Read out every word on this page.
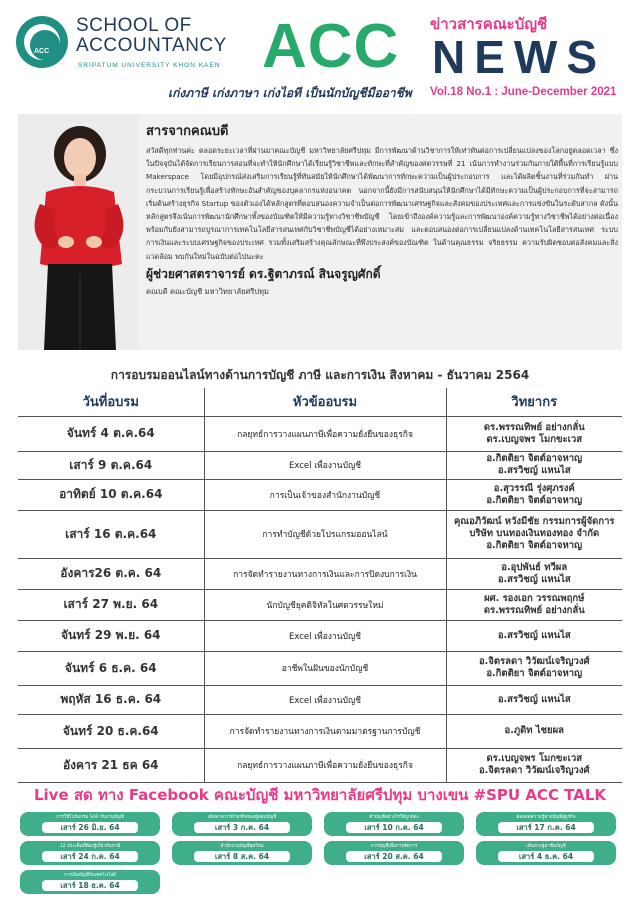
ACC
SCHOOL OF
ACCOUNTANCY
SRIPATUM UNIVERSITY KHON KAEN ACC ข่าวสารคณะบัญชี
NEWS
เก่งภาษี เก่งภาษา เก่งไอที เป็นนักบัญชีมืออาชีพ Vol.18 No.1 : June-December 2021
สารจากคณบดี
สวัสดีทุกท่านค่ะ ตลอดระยะเวลาที่ผ่านมาคณะบัญชี มหาวิทยาลัยศรีปทุม มีการพัฒนาด้านวิชาการให้เท่าทันต่อการเปลี่ยนแปลงของโลกอยู่ตลอดเวลา ซึ่งในปัจจุบันได้จัดการเรียนการสอนที่จะทำให้นักศึกษาได้เรียนรู้วิชาชีพและทักษะที่สำคัญของศตวรรษที่ 21 เน้นการทำงานร่วมกันภายใต้พื้นที่การเรียนรู้แบบ Makerspace โดยมีอุปกรณ์ส่งเสริมการเรียนรู้ที่ทันสมัยให้นักศึกษาได้พัฒนาการทักษะความเป็นผู้ประกอบการ และได้ผลิตชิ้นงานที่ร่วมกันทำ ผ่านกระบวนการเรียนรู้เพื่อสร้างทักษะอันสำคัญของบุคลากรแห่งอนาคต นอกจากนี้ยังมีการสนับสนุนให้นักศึกษาได้มีทักษะความเป็นผู้ประกอบการที่จะสามารถเริ่มต้นสร้างธุรกิจ Startup ของตัวเองได้หลักสูตรที่ตอบสนองความจำเป็นต่อการพัฒนาเศรษฐกิจและสังคมของประเทศและการแข่งขันในระดับสากล ดังนั้น หลักสูตรจึงเน้นการพัฒนานักศึกษาทั้งของบัณฑิตให้มีความรู้ทางวิชาชีพบัญชี โดยเข้าถึงองค์ความรู้และการพัฒนาองค์ความรู้ทางวิชาชีพได้อย่างต่อเนื่อง พร้อมกับยังสามารถบูรณาการเทคโนโลยีสารสนเทศกับวิชาชีพบัญชีได้อย่างเหมาะสม และตอบสนองต่อการเปลี่ยนแปลงด้านเทคโนโลยีสารสนเทศ ระบบการเงินและระบบเศรษฐกิจของประเทศ รวมทั้งเสริมสร้างคุณลักษณะที่พึงประสงค์ของบัณฑิต ในด้านคุณธรรม จริยธรรม ความรับผิดชอบต่อสังคมและสิ่งแวดล้อม พบกันใหม่ในฉบับต่อไปนะคะ
ผู้ช่วยศาสตราจารย์ ดร.ฐิตาภรณ์ สินจรูญศักดิ์
คณบดี คณะบัญชี มหาวิทยาลัยศรีปทุม
การอบรมออนไลน์ทางด้านการบัญชี ภาษี และการเงิน สิงหาคม - ธันวาคม 2564
วันที่อบรม	หัวข้ออบรม	วิทยากร
จันทร์ 4 ต.ค.64	กลยุทธ์การวางแผนภาษีเพื่อความยั่งยืนของธุรกิจ	ดร.พรรณทิพย์ อย่างกลั่น
ดร.เบญจพร โมกขะเวส

เสาร์ 9 ต.ค.64	Excel เพื่องานบัญชี	อ.กิตติยา จิตต์อาจหาญ
อ.สรวิชญ์ แหนไส

อาทิตย์ 10 ต.ค.64	การเป็นเจ้าของสำนักงานบัญชี	อ.สุวรรณี รุ่งศุภรงค์
อ.กิตติยา จิตต์อาจหาญ

เสาร์ 16 ต.ค.64	การทำบัญชีด้วยโปรแกรมออนไลน์	คุณอภิวัฒน์ หวังมีชัย กรรมการผู้จัดการ
บริษัท บนทองเงินทองทอง จำกัด
อ.กิตติยา จิตต์อาจหาญ

อังคาร26 ต.ค. 64	การจัดทำรายงานทางการเงินและการปิดงบการเงิน	อ.อุปพันธ์ ทวีผล
อ.สรวิชญ์ แหนไส

เสาร์ 27 พ.ย. 64	นักบัญชียุคดิจิทัลในศตวรรษใหม่	ผศ. รองเอก วรรณพฤกษ์
ดร.พรรณทิพย์ อย่างกลั่น

จันทร์ 29 พ.ย. 64	Excel เพื่องานบัญชี	อ.สรวิชญ์ แหนไส

จันทร์ 6 ธ.ค. 64	อาชีพในฝันของนักบัญชี	อ.จิตรลดา วิวัฒน์เจริญวงศ์
อ.กิตติยา จิตต์อาจหาญ

พฤหัส 16 ธ.ค. 64	Excel เพื่องานบัญชี	อ.สรวิชญ์ แหนไส

จันทร์ 20 ธ.ค.64	การจัดทำรายงานทางการเงินตามมาตรฐานการบัญชี	อ.ภูดิท ไชยผล

อังคาร 21 ธค 64	กลยุทธ์การวางแผนภาษีเพื่อความยั่งยืนของธุรกิจ	ดร.เบญจพร โมกขะเวส
อ.จิตรลดา วิวัฒน์เจริญวงศ์
Live สด ทาง Facebook คณะบัญชี มหาวิทยาลัยศรีปทุม บางเขน #SPU ACC TALK
การใช้โปรแกรม SAP กับงานบัญชี
เสาร์ 26 มิ.ย. 64
เส้นทางการทำธุรกิจของผู้สอบบัญชี
เสาร์ 3 ก.ค. 64
ทำบัญชีอย่างไรให้ถูกต้อง
เสาร์ 10 ก.ค. 64
ต่อยอดความรู้ทางบัญชีสู่ธุรกิจ
เสาร์ 17 ก.ค. 64
12 ประเด็นที่ต้องรู้เกี่ยวกับภาษี
เสาร์ 24 ก.ค. 64
สำนักงานบัญชียุคใหม่
เสาร์ 8 ส.ค. 64
การบัญชีเพื่อการจัดการ
เสาร์ 20 ส.ค. 64
เส้นทางสู่อาชีพบัญชี
เสาร์ 4 ธ.ค. 64
การเงินบัญชีกับเทคโนโลยี
เสาร์ 18 ธ.ค. 64
